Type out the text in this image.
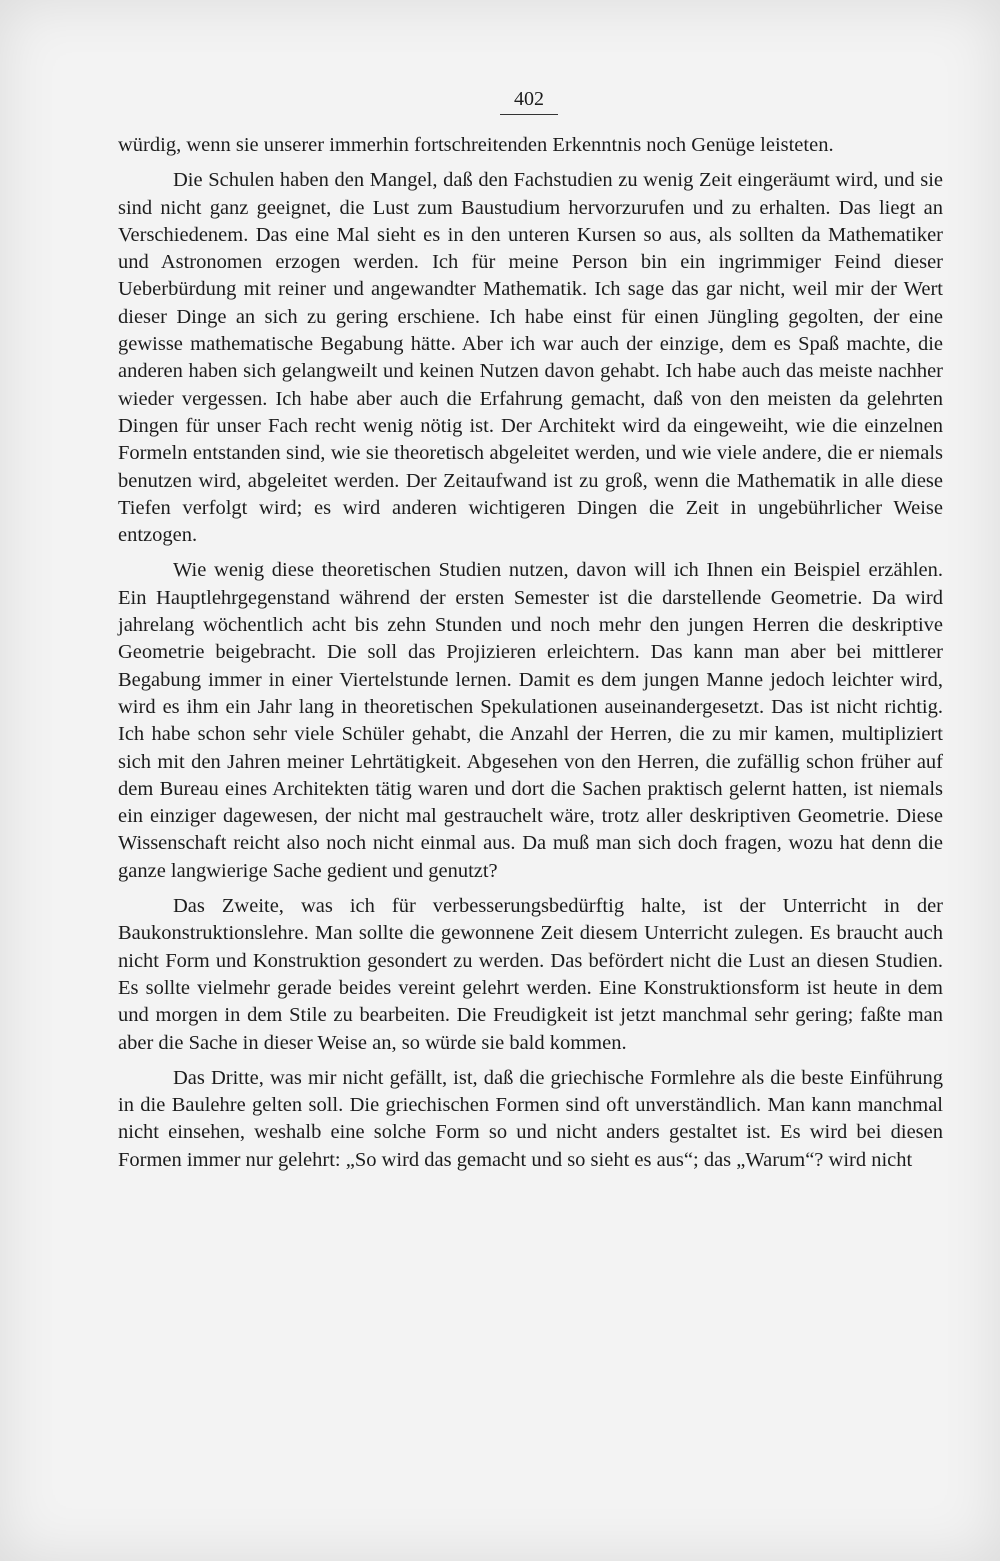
402

würdig, wenn sie unserer immerhin fortschreitenden Erkenntnis noch Genüge leisteten.

Die Schulen haben den Mangel, daß den Fachstudien zu wenig Zeit eingeräumt wird, und sie sind nicht ganz geeignet, die Lust zum Baustudium hervorzurufen und zu erhalten. Das liegt an Verschiedenem. Das eine Mal sieht es in den unteren Kursen so aus, als sollten da Mathematiker und Astronomen erzogen werden. Ich für meine Person bin ein ingrimmiger Feind dieser Ueberbürdung mit reiner und angewandter Mathematik. Ich sage das gar nicht, weil mir der Wert dieser Dinge an sich zu gering erschiene. Ich habe einst für einen Jüngling gegolten, der eine gewisse mathematische Begabung hätte. Aber ich war auch der einzige, dem es Spaß machte, die anderen haben sich gelangweilt und keinen Nutzen davon gehabt. Ich habe auch das meiste nachher wieder vergessen. Ich habe aber auch die Erfahrung gemacht, daß von den meisten da gelehrten Dingen für unser Fach recht wenig nötig ist. Der Architekt wird da eingeweiht, wie die einzelnen Formeln entstanden sind, wie sie theoretisch abgeleitet werden, und wie viele andere, die er niemals benutzen wird, abgeleitet werden. Der Zeitaufwand ist zu groß, wenn die Mathematik in alle diese Tiefen verfolgt wird; es wird anderen wichtigeren Dingen die Zeit in ungebührlicher Weise entzogen.

Wie wenig diese theoretischen Studien nutzen, davon will ich Ihnen ein Beispiel erzählen. Ein Hauptlehrgegenstand während der ersten Semester ist die darstellende Geometrie. Da wird jahrelang wöchentlich acht bis zehn Stunden und noch mehr den jungen Herren die deskriptive Geometrie beigebracht. Die soll das Projizieren erleichtern. Das kann man aber bei mittlerer Begabung immer in einer Viertelstunde lernen. Damit es dem jungen Manne jedoch leichter wird, wird es ihm ein Jahr lang in theoretischen Spekulationen auseinandergesetzt. Das ist nicht richtig. Ich habe schon sehr viele Schüler gehabt, die Anzahl der Herren, die zu mir kamen, multipliziert sich mit den Jahren meiner Lehrtätigkeit. Abgesehen von den Herren, die zufällig schon früher auf dem Bureau eines Architekten tätig waren und dort die Sachen praktisch gelernt hatten, ist niemals ein einziger dagewesen, der nicht mal gestrauchelt wäre, trotz aller deskriptiven Geometrie. Diese Wissenschaft reicht also noch nicht einmal aus. Da muß man sich doch fragen, wozu hat denn die ganze langwierige Sache gedient und genutzt?

Das Zweite, was ich für verbesserungsbedürftig halte, ist der Unterricht in der Baukonstruktionslehre. Man sollte die gewonnene Zeit diesem Unterricht zulegen. Es braucht auch nicht Form und Konstruktion gesondert zu werden. Das befördert nicht die Lust an diesen Studien. Es sollte vielmehr gerade beides vereint gelehrt werden. Eine Konstruktionsform ist heute in dem und morgen in dem Stile zu bearbeiten. Die Freudigkeit ist jetzt manchmal sehr gering; faßte man aber die Sache in dieser Weise an, so würde sie bald kommen.

Das Dritte, was mir nicht gefällt, ist, daß die griechische Formlehre als die beste Einführung in die Baulehre gelten soll. Die griechischen Formen sind oft unverständlich. Man kann manchmal nicht einsehen, weshalb eine solche Form so und nicht anders gestaltet ist. Es wird bei diesen Formen immer nur gelehrt: „So wird das gemacht und so sieht es aus“; das „Warum“? wird nicht
